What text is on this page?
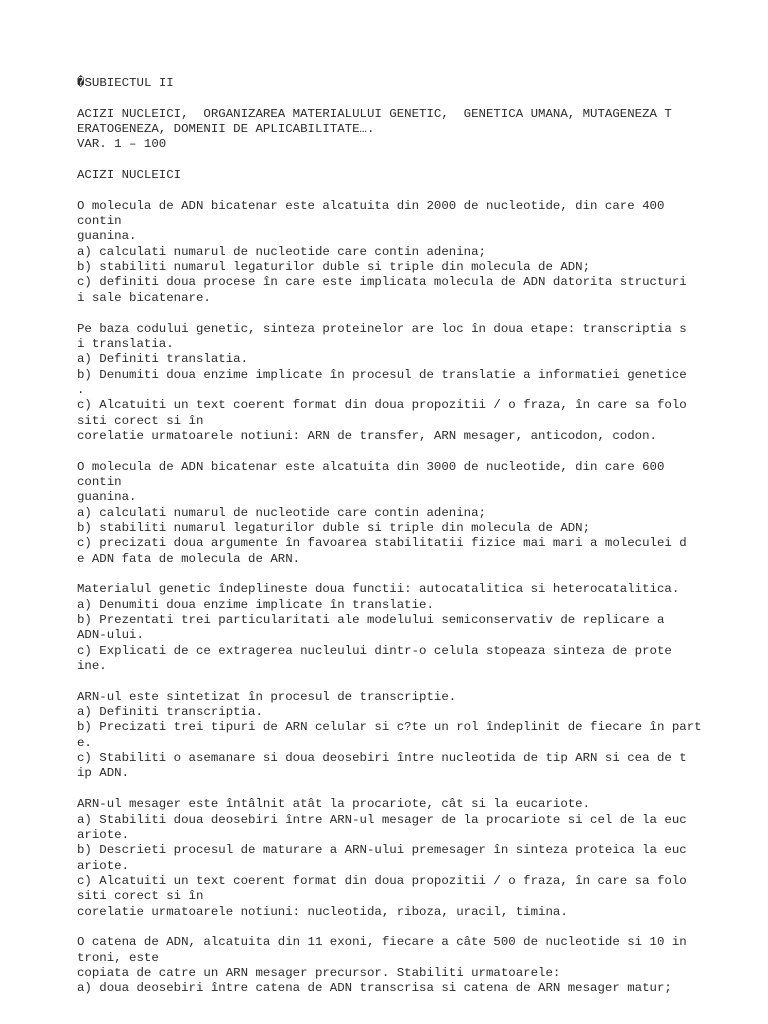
�SUBIECTUL II
ACIZI NUCLEICI,  ORGANIZAREA MATERIALULUI GENETIC,  GENETICA UMANA, MUTAGENEZA T
ERATOGENEZA, DOMENII DE APLICABILITATE….
VAR. 1 – 100
ACIZI NUCLEICI
O molecula de ADN bicatenar este alcatuita din 2000 de nucleotide, din care 400
contin
guanina.
a) calculati numarul de nucleotide care contin adenina;
b) stabiliti numarul legaturilor duble si triple din molecula de ADN;
c) definiti doua procese în care este implicata molecula de ADN datorita structuri
i sale bicatenare.
Pe baza codului genetic, sinteza proteinelor are loc în doua etape: transcriptia s
i translatia.
a) Definiti translatia.
b) Denumiti doua enzime implicate în procesul de translatie a informatiei genetice
.
c) Alcatuiti un text coerent format din doua propozitii / o fraza, în care sa folo
siti corect si în
corelatie urmatoarele notiuni: ARN de transfer, ARN mesager, anticodon, codon.
O molecula de ADN bicatenar este alcatuita din 3000 de nucleotide, din care 600
contin
guanina.
a) calculati numarul de nucleotide care contin adenina;
b) stabiliti numarul legaturilor duble si triple din molecula de ADN;
c) precizati doua argumente în favoarea stabilitatii fizice mai mari a moleculei d
e ADN fata de molecula de ARN.
Materialul genetic îndeplineste doua functii: autocatalitica si heterocatalitica.
a) Denumiti doua enzime implicate în translatie.
b) Prezentati trei particularitati ale modelului semiconservativ de replicare a
ADN-ului.
c) Explicati de ce extragerea nucleului dintr-o celula stopeaza sinteza de prote
ine.
ARN-ul este sintetizat în procesul de transcriptie.
a) Definiti transcriptia.
b) Precizati trei tipuri de ARN celular si c?te un rol îndeplinit de fiecare în part
e.
c) Stabiliti o asemanare si doua deosebiri între nucleotida de tip ARN si cea de t
ip ADN.
ARN-ul mesager este întâlnit atât la procariote, cât si la eucariote.
a) Stabiliti doua deosebiri între ARN-ul mesager de la procariote si cel de la euc
ariote.
b) Descrieti procesul de maturare a ARN-ului premesager în sinteza proteica la euc
ariote.
c) Alcatuiti un text coerent format din doua propozitii / o fraza, în care sa folo
siti corect si în
corelatie urmatoarele notiuni: nucleotida, riboza, uracil, timina.
O catena de ADN, alcatuita din 11 exoni, fiecare a câte 500 de nucleotide si 10 in
troni, este
copiata de catre un ARN mesager precursor. Stabiliti urmatoarele:
a) doua deosebiri între catena de ADN transcrisa si catena de ARN mesager matur;
